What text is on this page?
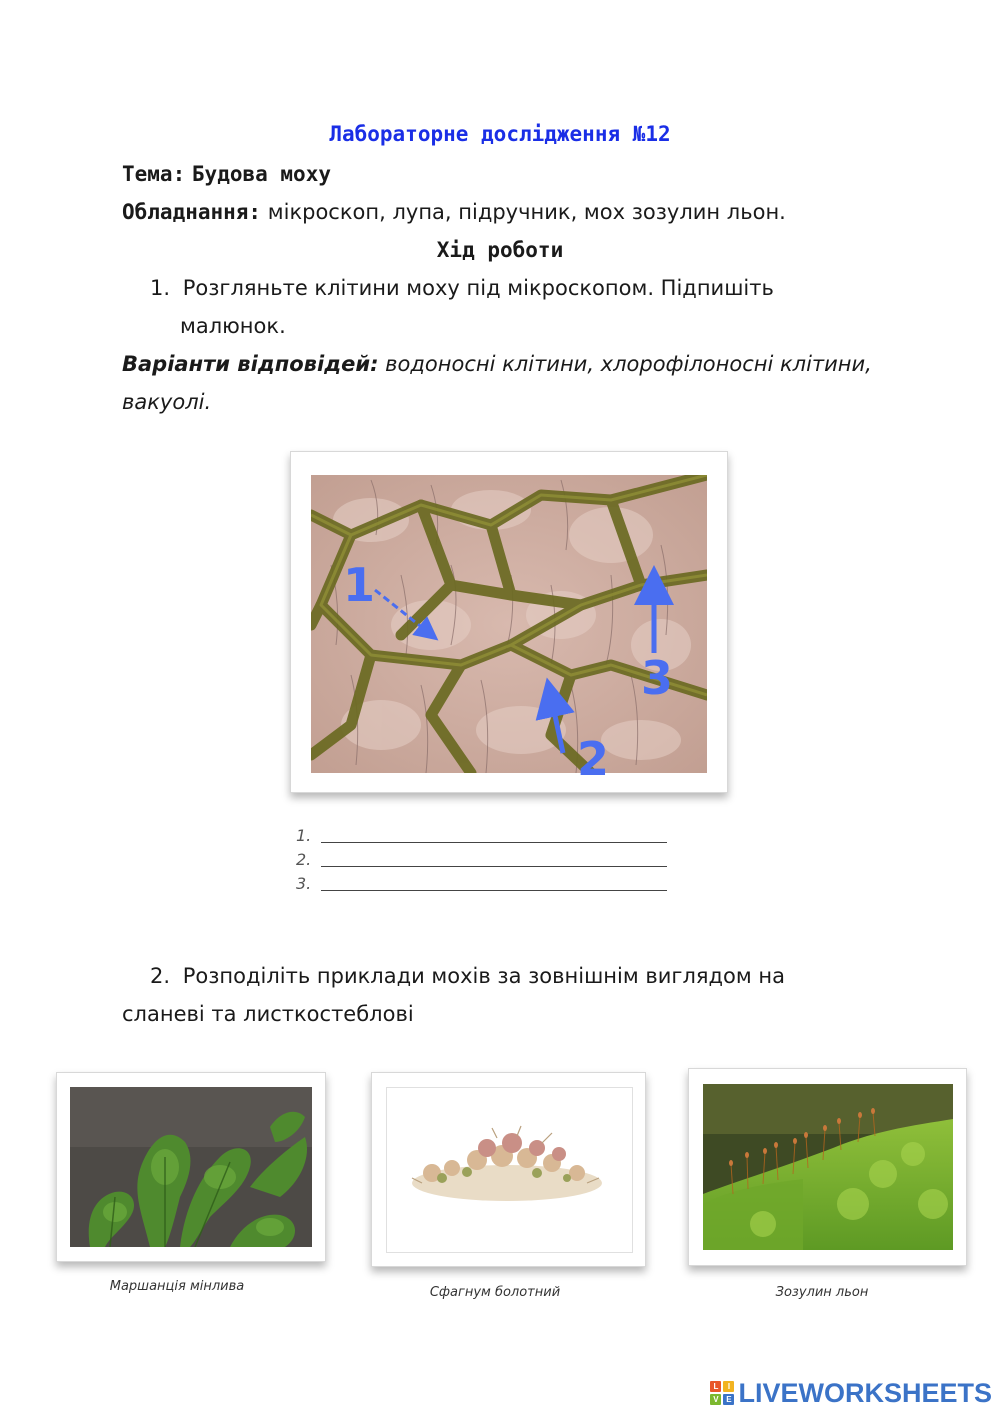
Лабораторне дослідження №12
Тема: Будова моху
Обладнання: мікроскоп, лупа, підручник, мох зозулин льон.
Хід роботи
1. Розгляньте клітини моху під мікроскопом. Підпишіть
малюнок.
Варіанти відповідей: водоносні клітини, хлорофілоносні клітини,
вакуолі.
1
2
3
1.
2.
3.
2. Розподіліть приклади мохів за зовнішнім виглядом на
сланеві та листкостеблові
Маршанція мінлива	Сфагнум болотний	Зозулин льон
L	I
V E LIVEWORKSHEETS
